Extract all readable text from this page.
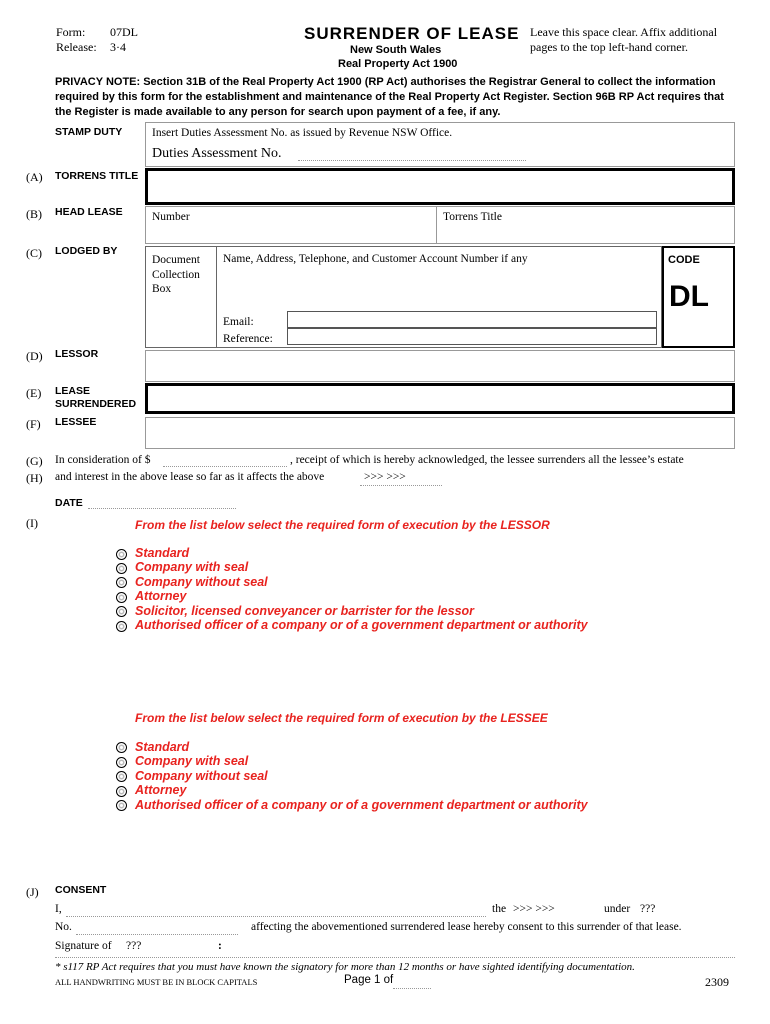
Form: 07DL
Release: 3·4
SURRENDER OF LEASE
New South Wales
Real Property Act 1900
Leave this space clear. Affix additional
pages to the top left-hand corner.
PRIVACY NOTE: Section 31B of the Real Property Act 1900 (RP Act) authorises the Registrar General to collect the information
required by this form for the establishment and maintenance of the Real Property Act Register. Section 96B RP Act requires that
the Register is made available to any person for search upon payment of a fee, if any.
STAMP DUTY	Insert Duties Assessment No. as issued by Revenue NSW Office.
Duties Assessment No.
(A) TORRENS TITLE
(B) HEAD LEASE	Number	Torrens Title
(C) LODGED BY
Document
Collection
Box
Name, Address, Telephone, and Customer Account Number if any
Email:
Reference:
CODE
DL
(D) LESSOR
(E) LEASE
SURRENDERED
(F) LESSEE
(G)
(H)
In consideration of $	, receipt of which is hereby acknowledged, the lessee surrenders all the lessee’s estate
and interest in the above lease so far as it affects the above	>>> >>>
DATE
(I)	From the list below select the required form of execution by the LESSOR
Standard
Company with seal
Company without seal
Attorney
Solicitor, licensed conveyancer or barrister for the lessor
Authorised officer of a company or of a government department or authority
From the list below select the required form of execution by the LESSEE
Standard
Company with seal
Company without seal
Attorney
Authorised officer of a company or of a government department or authority
(J) CONSENT
I,	the >>> >>>	under ???
No.	affecting the abovementioned surrendered lease hereby consent to this surrender of that lease.
Signature of ???	:
* s117 RP Act requires that you must have known the signatory for more than 12 months or have sighted identifying documentation.
ALL HANDWRITING MUST BE IN BLOCK CAPITALS	Page 1 of	2309
